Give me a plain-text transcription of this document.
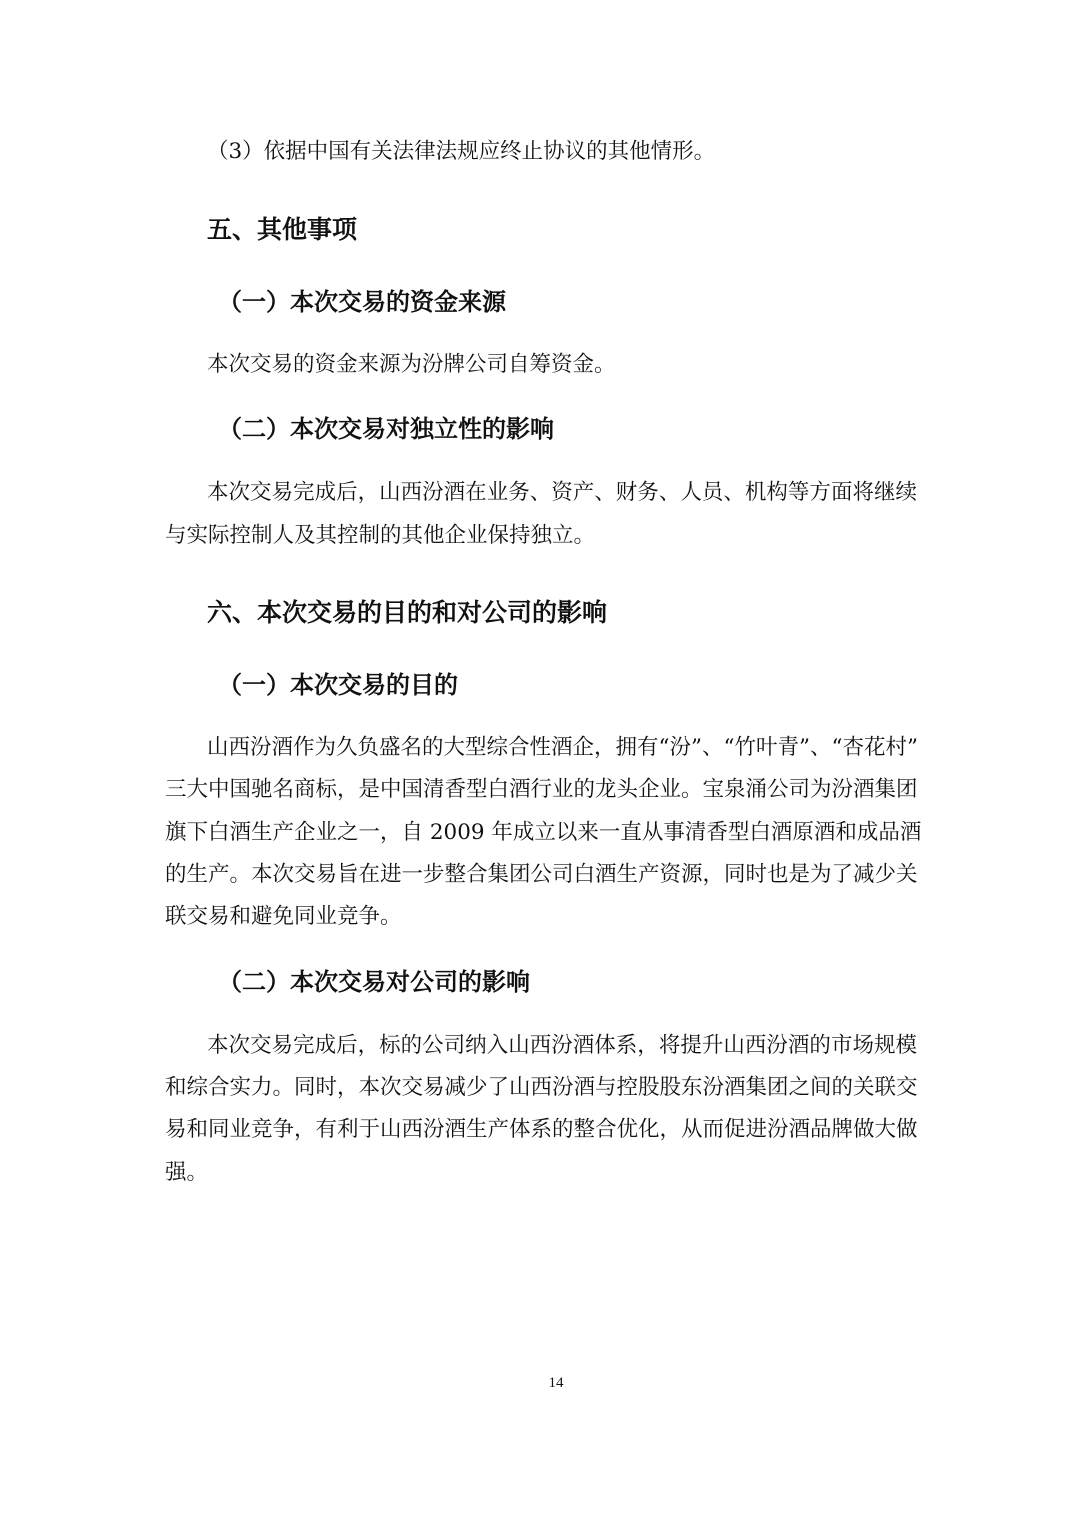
（3）依据中国有关法律法规应终止协议的其他情形。

五、其他事项
（一）本次交易的资金来源

本次交易的资金来源为汾牌公司自筹资金。

（二）本次交易对独立性的影响

本次交易完成后，山西汾酒在业务、资产、财务、人员、机构等方面将继续

与实际控制人及其控制的其他企业保持独立。

六、本次交易的目的和对公司的影响
（一）本次交易的目的

山西汾酒作为久负盛名的大型综合性酒企，拥有“汾”、“竹叶青”、“杏花村”

三大中国驰名商标，是中国清香型白酒行业的龙头企业。宝泉涌公司为汾酒集团

旗下白酒生产企业之一，自 2009 年成立以来一直从事清香型白酒原酒和成品酒

的生产。本次交易旨在进一步整合集团公司白酒生产资源，同时也是为了减少关

联交易和避免同业竞争。

（二）本次交易对公司的影响

本次交易完成后，标的公司纳入山西汾酒体系，将提升山西汾酒的市场规模

和综合实力。同时，本次交易减少了山西汾酒与控股股东汾酒集团之间的关联交

易和同业竞争，有利于山西汾酒生产体系的整合优化，从而促进汾酒品牌做大做

强。

14
